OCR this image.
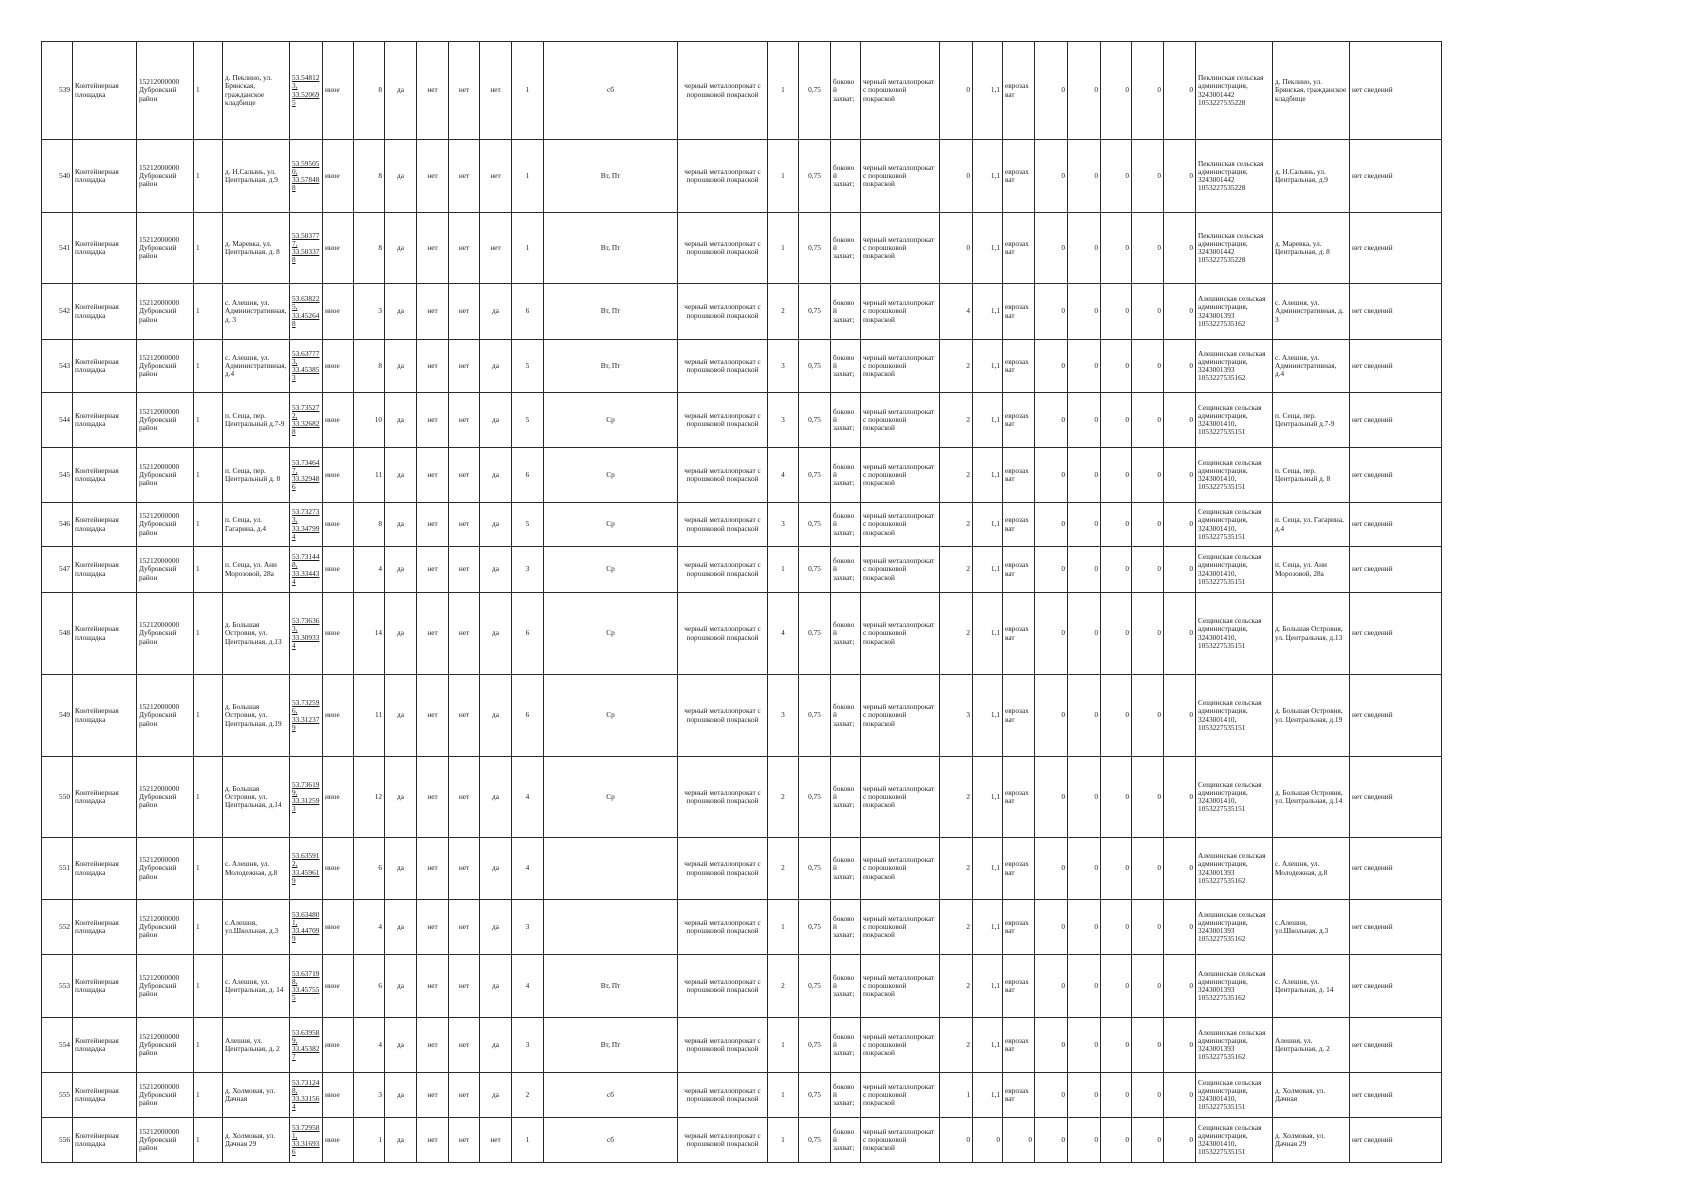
539	Контейнерная площадка	15212000000 Дубровский район	1	д. Пеклино, ул. Брянская, гражданское кладбище	53.548123, 33.520695	иное	8	да	нет	нет	нет	1	сб	черный металлопрокат с порошковой покраской	1	0,75	боковой захват;	черный металлопрокат с порошковой покраской	0	1,1	еврозахват	0	0	0	0	0	Пеклинская сельская администрация, 3243001442 1053227535228	д. Пеклино, ул. Брянская, гражданское кладбище	нет сведений
540	Контейнерная площадка	15212000000 Дубровский район	1	д. Н.Салынь, ул. Центральная, д.9	53.595050, 33.578488	иное	8	да	нет	нет	нет	1	Вт, Пт	черный металлопрокат с порошковой покраской	1	0,75	боковой захват;	черный металлопрокат с порошковой покраской	0	1,1	еврозахват	0	0	0	0	0	Пеклинская сельская администрация, 3243001442 1053227535228	д. Н.Салынь, ул. Центральная, д.9	нет сведений
541	Контейнерная площадка	15212000000 Дубровский район	1	д. Маревка, ул. Центральная, д. 8	53.503777, 33.503378	иное	8	да	нет	нет	нет	1	Вт, Пт	черный металлопрокат с порошковой покраской	1	0,75	боковой захват;	черный металлопрокат с порошковой покраской	0	1,1	еврозахват	0	0	0	0	0	Пеклинская сельская администрация, 3243001442 1053227535228	д. Маревка, ул. Центральная, д. 8	нет сведений
542	Контейнерная площадка	15212000000 Дубровский район	1	с. Алешня, ул. Административная, д. 3	53.638225, 33.452648	иное	3	да	нет	нет	да	6	Вт, Пт	черный металлопрокат с порошковой покраской	2	0,75	боковой захват;	черный металлопрокат с порошковой покраской	4	1,1	еврозахват	0	0	0	0	0	Алешинская сельская администрация, 3243001393 1053227535162	с. Алешня, ул. Административная, д. 3	нет сведений
543	Контейнерная площадка	15212000000 Дубровский район	1	с. Алешня, ул. Административная, д.4	53.637773, 33.453853	иное	8	да	нет	нет	да	5	Вт, Пт	черный металлопрокат с порошковой покраской	3	0,75	боковой захват;	черный металлопрокат с порошковой покраской	2	1,1	еврозахват	0	0	0	0	0	Алешинская сельская администрация, 3243001393 1053227535162	с. Алешня, ул. Административная, д.4	нет сведений
544	Контейнерная площадка	15212000000 Дубровский район	1	п. Сеща, пер. Центральный д.7-9	53.735272, 33.326828	иное	10	да	нет	нет	да	5	Ср	черный металлопрокат с порошковой покраской	3	0,75	боковой захват;	черный металлопрокат с порошковой покраской	2	1,1	еврозахват	0	0	0	0	0	Сещинская сельская администрация, 3243001410, 1053227535151	п. Сеща, пер. Центральный д.7-9	нет сведений
545	Контейнерная площадка	15212000000 Дубровский район	1	п. Сеща, пер. Центральный д. 8	53.734647, 33.329486	иное	11	да	нет	нет	да	6	Ср	черный металлопрокат с порошковой покраской	4	0,75	боковой захват;	черный металлопрокат с порошковой покраской	2	1,1	еврозахват	0	0	0	0	0	Сещинская сельская администрация, 3243001410, 1053227535151	п. Сеща, пер. Центральный д. 8	нет сведений
546	Контейнерная площадка	15212000000 Дубровский район	1	п. Сеща, ул. Гагарина, д.4	53.732733, 33.347994	иное	8	да	нет	нет	да	5	Ср	черный металлопрокат с порошковой покраской	3	0,75	боковой захват;	черный металлопрокат с порошковой покраской	2	1,1	еврозахват	0	0	0	0	0	Сещинская сельская администрация, 3243001410, 1053227535151	п. Сеща, ул. Гагарина, д.4	нет сведений
547	Контейнерная площадка	15212000000 Дубровский район	1	п. Сеща, ул. Ани Морозовой, 28а	53.731448, 33.334434	иное	4	да	нет	нет	да	3	Ср	черный металлопрокат с порошковой покраской	1	0,75	боковой захват;	черный металлопрокат с порошковой покраской	2	1,1	еврозахват	0	0	0	0	0	Сещинская сельская администрация, 3243001410, 1053227535151	п. Сеща, ул. Ани Морозовой, 28а	нет сведений
548	Контейнерная площадка	15212000000 Дубровский район	1	д. Большая Островня, ул. Центральная, д.13	53.736363, 33.309334	иное	14	да	нет	нет	да	6	Ср	черный металлопрокат с порошковой покраской	4	0,75	боковой захват;	черный металлопрокат с порошковой покраской	2	1,1	еврозахват	0	0	0	0	0	Сещинская сельская администрация, 3243001410, 1053227535151	д. Большая Островня, ул. Центральная, д.13	нет сведений
549	Контейнерная площадка	15212000000 Дубровский район	1	д. Большая Островня, ул. Центральная, д.19	53.732596, 33.312379	иное	11	да	нет	нет	да	6	Ср	черный металлопрокат с порошковой покраской	3	0,75	боковой захват;	черный металлопрокат с порошковой покраской	3	1,1	еврозахват	0	0	0	0	0	Сещинская сельская администрация, 3243001410, 1053227535151	д. Большая Островня, ул. Центральная, д.19	нет сведений
550	Контейнерная площадка	15212000000 Дубровский район	1	д. Большая Островня, ул. Центральная, д.14	53.736199, 33.312593	иное	12	да	нет	нет	да	4	Ср	черный металлопрокат с порошковой покраской	2	0,75	боковой захват;	черный металлопрокат с порошковой покраской	2	1,1	еврозахват	0	0	0	0	0	Сещинская сельская администрация, 3243001410, 1053227535151	д. Большая Островня, ул. Центральная, д.14	нет сведений
551	Контейнерная площадка	15212000000 Дубровский район	1	с. Алешня, ул. Молодежная, д.8	53.635912, 33.459619	иное	6	да	нет	нет	да	4		черный металлопрокат с порошковой покраской	2	0,75	боковой захват;	черный металлопрокат с порошковой покраской	2	1,1	еврозахват	0	0	0	0	0	Алешинская сельская администрация, 3243001393 1053227535162	с. Алешня, ул. Молодежная, д.8	нет сведений
552	Контейнерная площадка	15212000000 Дубровский район	1	с.Алешня, ул.Школьная, д.3	53.634801, 33.447099	иное	4	да	нет	нет	да	3		черный металлопрокат с порошковой покраской	1	0,75	боковой захват;	черный металлопрокат с порошковой покраской	2	1,1	еврозахват	0	0	0	0	0	Алешинская сельская администрация, 3243001393 1053227535162	с.Алешня, ул.Школьная, д.3	нет сведений
553	Контейнерная площадка	15212000000 Дубровский район	1	с. Алешня, ул. Центральная, д. 14	53.637198, 33.457555	иное	6	да	нет	нет	да	4	Вт, Пт	черный металлопрокат с порошковой покраской	2	0,75	боковой захват;	черный металлопрокат с порошковой покраской	2	1,1	еврозахват	0	0	0	0	0	Алешинская сельская администрация, 3243001393 1053227535162	с. Алешня, ул. Центральная, д. 14	нет сведений
554	Контейнерная площадка	15212000000 Дубровский район	1	Алешня, ул. Центральная, д. 2	53.639589, 33.453827	иное	4	да	нет	нет	да	3	Вт, Пт	черный металлопрокат с порошковой покраской	1	0,75	боковой захват;	черный металлопрокат с порошковой покраской	2	1,1	еврозахват	0	0	0	0	0	Алешинская сельская администрация, 3243001393 1053227535162	Алешня, ул. Центральная, д. 2	нет сведений
555	Контейнерная площадка	15212000000 Дубровский район	1	д. Холмовая, ул. Дачная	53.731248, 33.331564	иное	3	да	нет	нет	да	2	сб	черный металлопрокат с порошковой покраской	1	0,75	боковой захват;	черный металлопрокат с порошковой покраской	1	1,1	еврозахват	0	0	0	0	0	Сещинская сельская администрация, 3243001410, 1053227535151	д. Холмовая, ул. Дачная	нет сведений
556	Контейнерная площадка	15212000000 Дубровский район	1	д. Холмовая, ул. Дачная 29	53.729581, 33.316936	иное	1	да	нет	нет	нет	1	сб	черный металлопрокат с порошковой покраской	1	0,75	боковой захват;	черный металлопрокат с порошковой покраской	0	0	0	0	0	0	0	0	Сещинская сельская администрация, 3243001410, 1053227535151	д. Холмовая, ул. Дачная 29	нет сведений
